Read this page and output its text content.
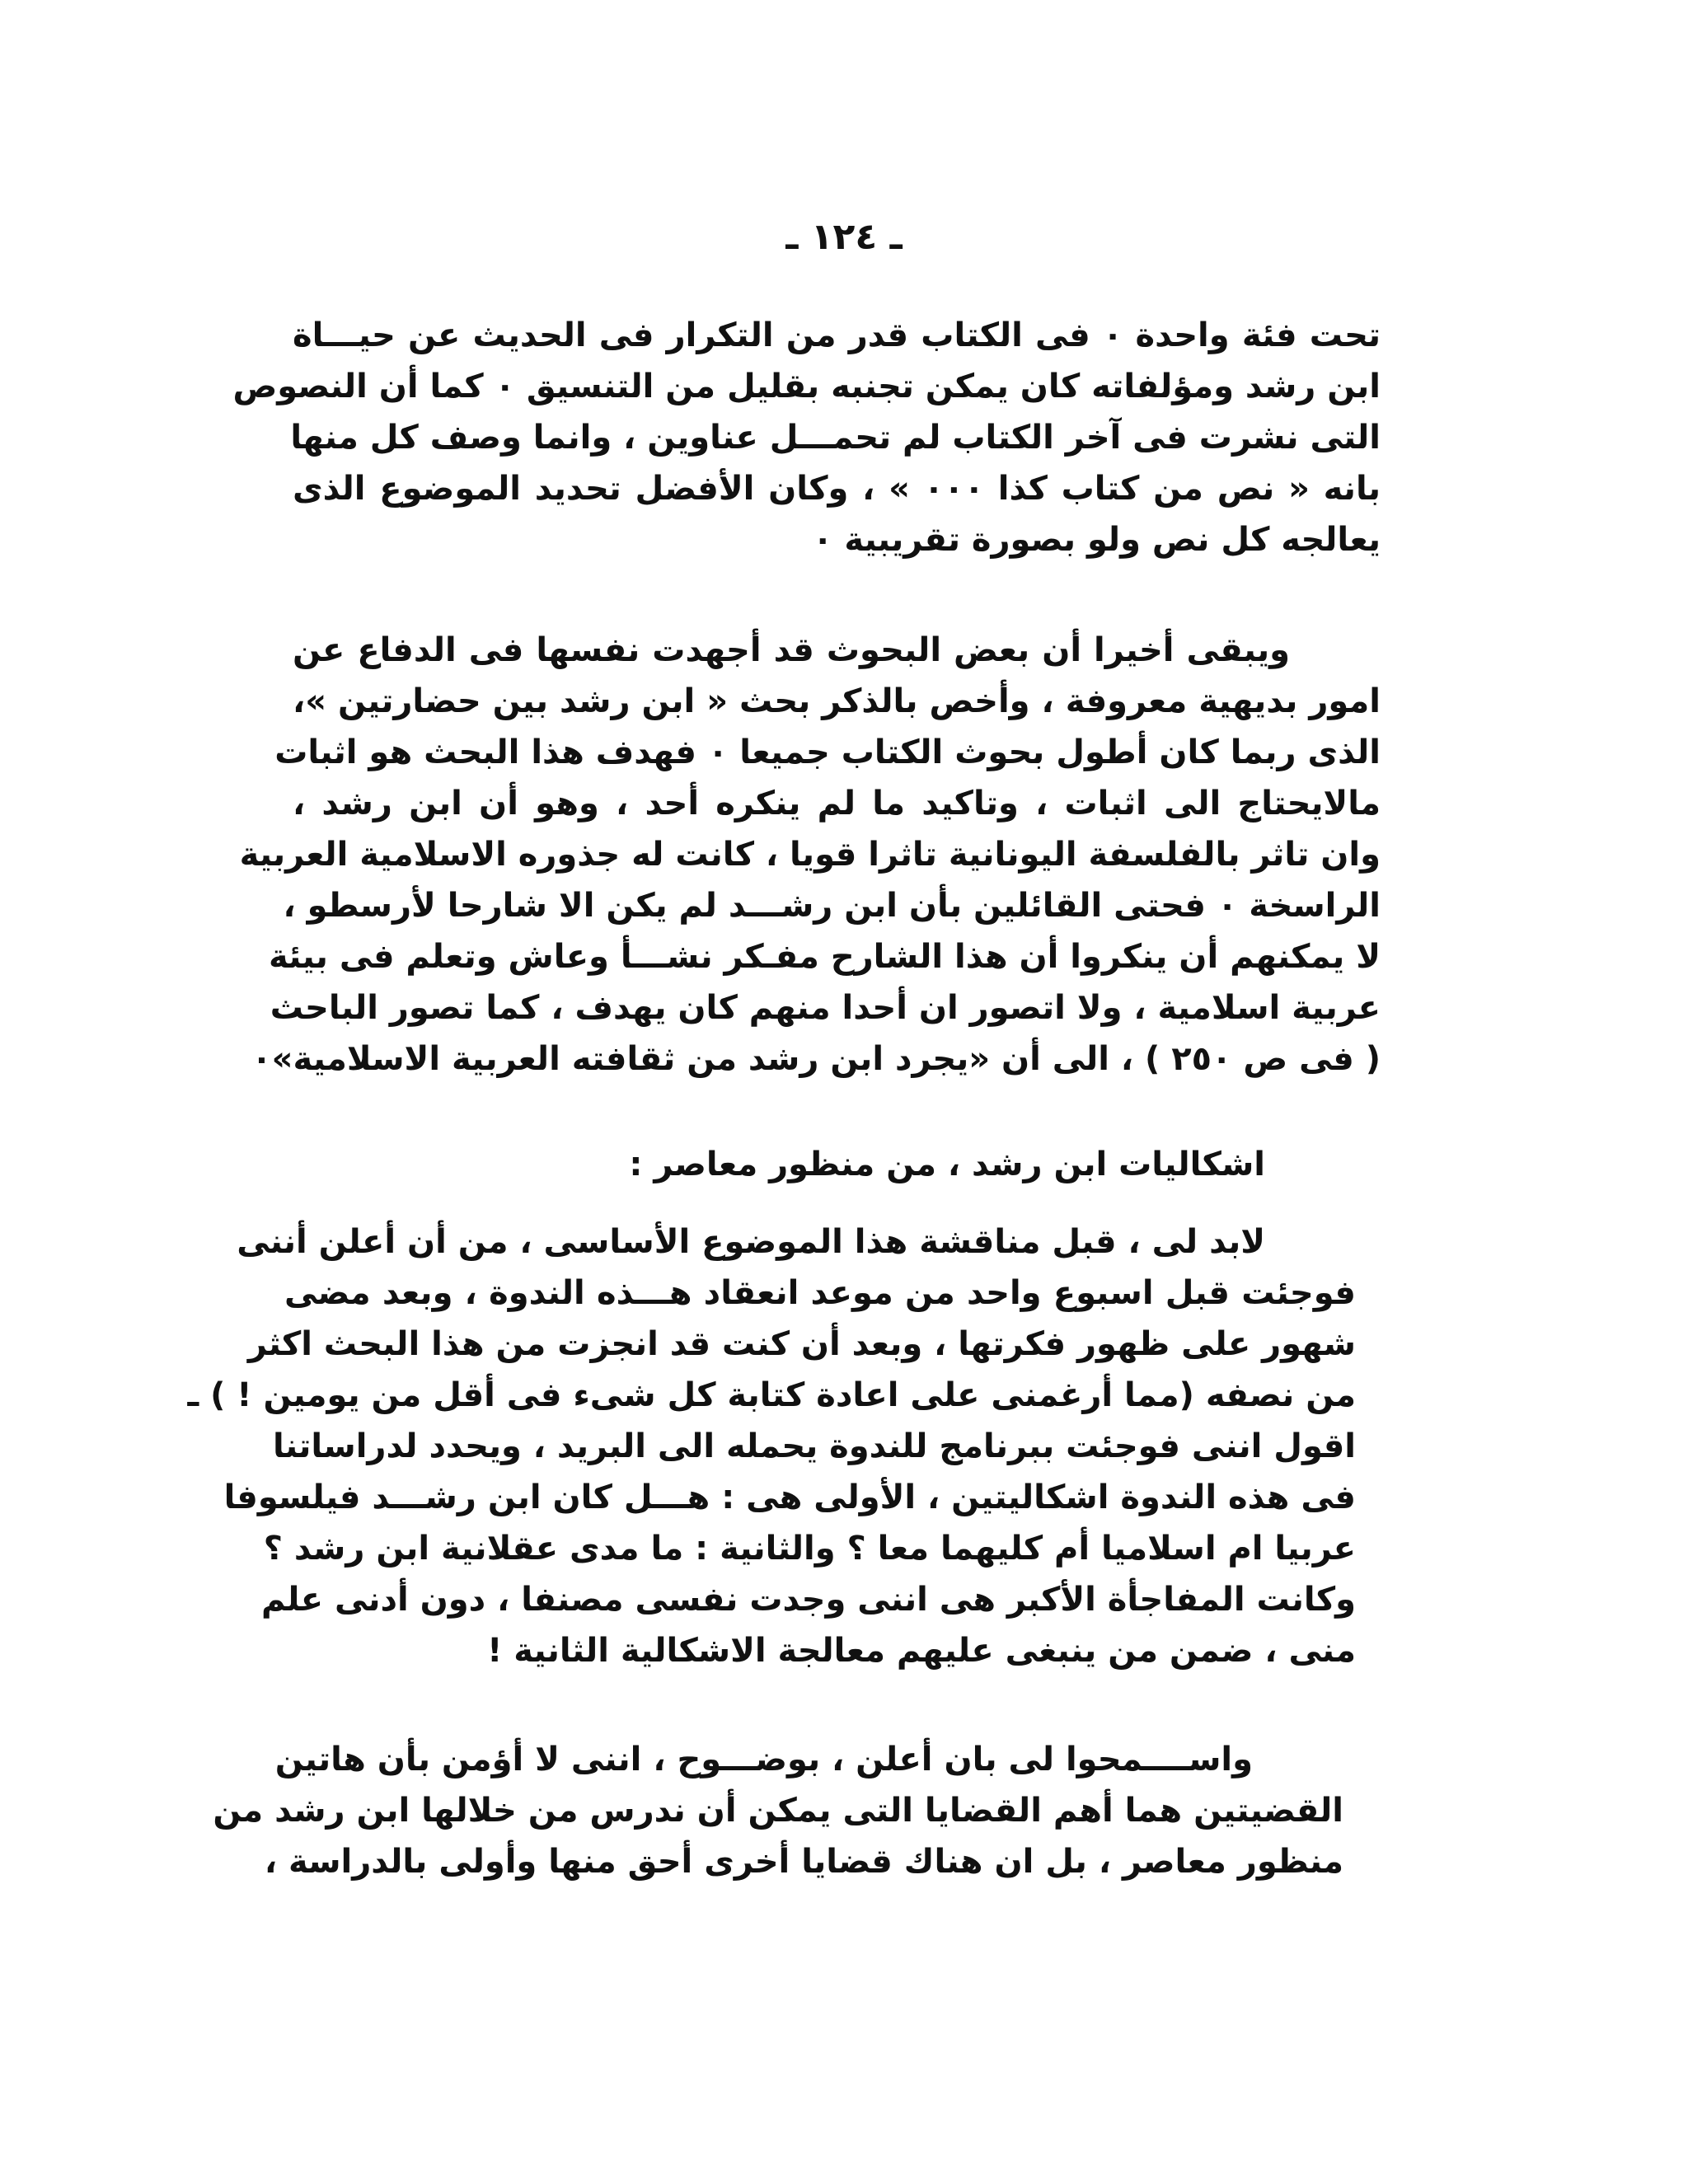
ـ ١٢٤ ـ
تحت فئة واحدة ٠ فى الكتاب قدر من التكرار فى الحديث عن حيـــاة
ابن رشد ومؤلفاته كان يمكن تجنبه بقليل من التنسيق ٠ كما أن النصوص
التى نشرت فى آخر الكتاب لم تحمـــل عناوين ، وانما وصف كل منها
بانه « نص من كتاب كذا ٠٠٠ » ، وكان الأفضل تحديد الموضوع الذى
يعالجه كل نص ولو بصورة تقريبية ٠
ويبقى أخيرا أن بعض البحوث قد أجهدت نفسها فى الدفاع عن
امور بديهية معروفة ، وأخص بالذكر بحث « ابن رشد بين حضارتين »،
الذى ربما كان أطول بحوث الكتاب جميعا ٠ فهدف هذا البحث هو اثبات
مالايحتاج الى اثبات ، وتاكيد ما لم ينكره أحد ، وهو أن ابن رشد ،
وان تاثر بالفلسفة اليونانية تاثرا قويا ، كانت له جذوره الاسلامية العربية
الراسخة ٠ فحتى القائلين بأن ابن رشـــد لم يكن الا شارحا لأرسطو ،
لا يمكنهم أن ينكروا أن هذا الشارح مفـكر نشـــأ وعاش وتعلم فى بيئة
عربية اسلامية ، ولا اتصور ان أحدا منهم كان يهدف ، كما تصور الباحث
( فى ص ٢٥٠ ) ، الى أن «يجرد ابن رشد من ثقافته العربية الاسلامية»٠
اشكاليات ابن رشد ، من منظور معاصر :
لابد لى ، قبل مناقشة هذا الموضوع الأساسى ، من أن أعلن أننى
فوجئت قبل اسبوع واحد من موعد انعقاد هـــذه الندوة ، وبعد مضى
شهور على ظهور فكرتها ، وبعد أن كنت قد انجزت من هذا البحث اكثر
من نصفه (مما أرغمنى على اعادة كتابة كل شىء فى أقل من يومين ! ) ـ
اقول اننى فوجئت ببرنامج للندوة يحمله الى البريد ، ويحدد لدراساتنا
فى هذه الندوة اشكاليتين ، الأولى هى : هـــل كان ابن رشـــد فيلسوفا
عربيا ام اسلاميا أم كليهما معا ؟ والثانية : ما مدى عقلانية ابن رشد ؟
وكانت المفاجأة الأكبر هى اننى وجدت نفسى مصنفا ، دون أدنى علم
منى ، ضمن من ينبغى عليهم معالجة الاشكالية الثانية !
واســــمحوا لى بان أعلن ، بوضـــوح ، اننى لا أؤمن بأن هاتين
القضيتين هما أهم القضايا التى يمكن أن ندرس من خلالها ابن رشد من
منظور معاصر ، بل ان هناك قضايا أخرى أحق منها وأولى بالدراسة ،
